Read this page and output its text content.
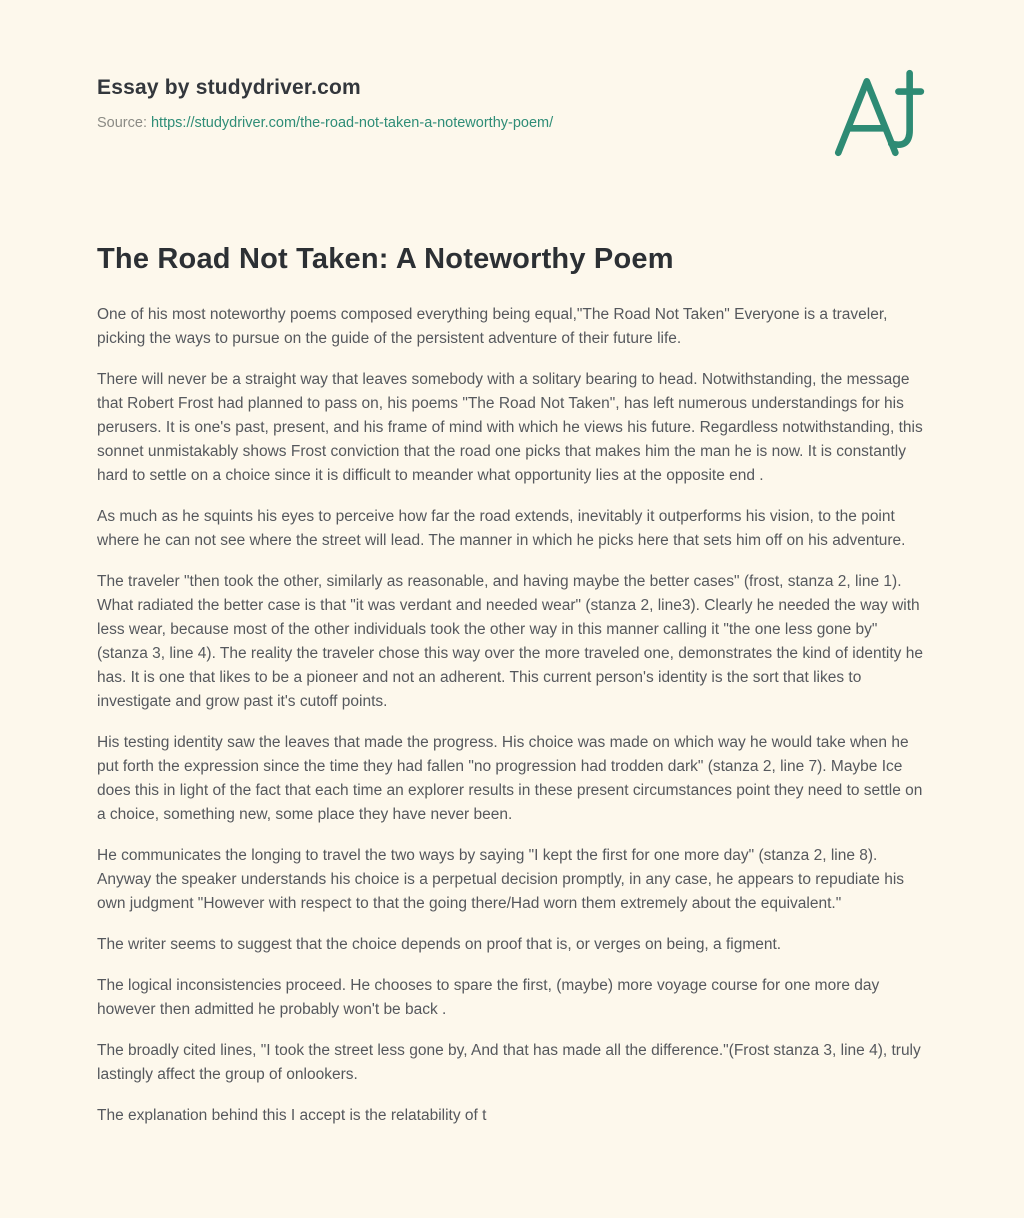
Essay by studydriver.com
Source: https://studydriver.com/the-road-not-taken-a-noteworthy-poem/
The Road Not Taken: A Noteworthy Poem

One of his most noteworthy poems composed everything being equal,"The Road Not Taken" Everyone is a traveler, picking the ways to pursue on the guide of the persistent adventure of their future life.

There will never be a straight way that leaves somebody with a solitary bearing to head. Notwithstanding, the message that Robert Frost had planned to pass on, his poems "The Road Not Taken", has left numerous understandings for his perusers. It is one's past, present, and his frame of mind with which he views his future. Regardless notwithstanding, this sonnet unmistakably shows Frost conviction that the road one picks that makes him the man he is now. It is constantly hard to settle on a choice since it is difficult to meander what opportunity lies at the opposite end .

As much as he squints his eyes to perceive how far the road extends, inevitably it outperforms his vision, to the point where he can not see where the street will lead. The manner in which he picks here that sets him off on his adventure.

The traveler "then took the other, similarly as reasonable, and having maybe the better cases" (frost, stanza 2, line 1). What radiated the better case is that "it was verdant and needed wear" (stanza 2, line3). Clearly he needed the way with less wear, because most of the other individuals took the other way in this manner calling it "the one less gone by" (stanza 3, line 4). The reality the traveler chose this way over the more traveled one, demonstrates the kind of identity he has. It is one that likes to be a pioneer and not an adherent. This current person's identity is the sort that likes to investigate and grow past it's cutoff points.

His testing identity saw the leaves that made the progress. His choice was made on which way he would take when he put forth the expression since the time they had fallen "no progression had trodden dark" (stanza 2, line 7). Maybe Ice does this in light of the fact that each time an explorer results in these present circumstances point they need to settle on a choice, something new, some place they have never been.

He communicates the longing to travel the two ways by saying "I kept the first for one more day" (stanza 2, line 8). Anyway the speaker understands his choice is a perpetual decision promptly, in any case, he appears to repudiate his own judgment "However with respect to that the going there/Had worn them extremely about the equivalent."

The writer seems to suggest that the choice depends on proof that is, or verges on being, a figment.

The logical inconsistencies proceed. He chooses to spare the first, (maybe) more voyage course for one more day however then admitted he probably won't be back .

The broadly cited lines, "I took the street less gone by, And that has made all the difference."(Frost stanza 3, line 4), truly lastingly affect the group of onlookers.

The explanation behind this I accept is the relatability of t
